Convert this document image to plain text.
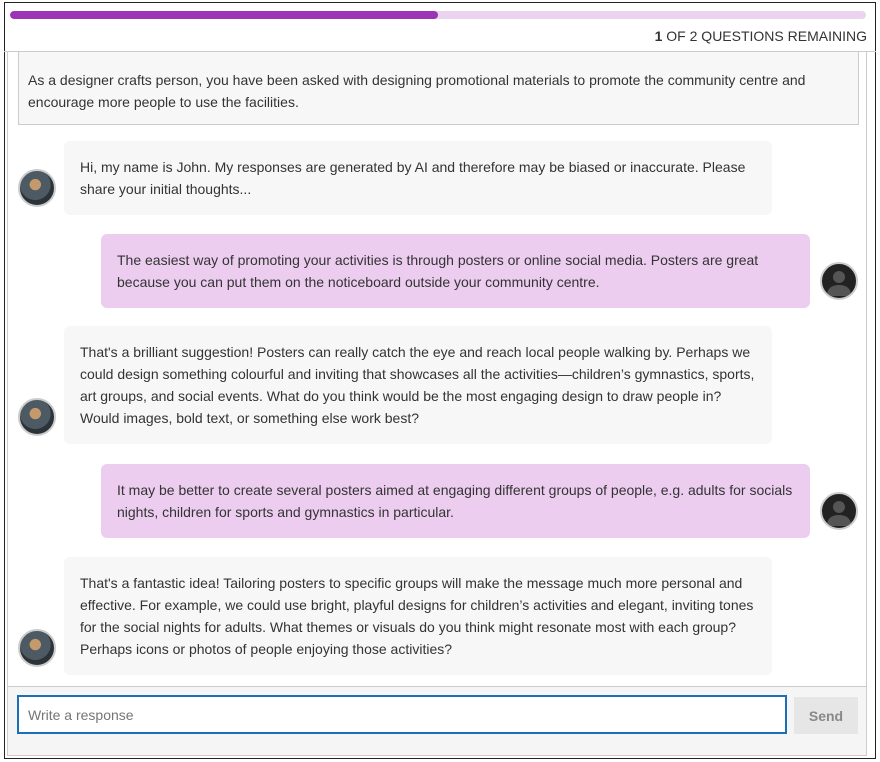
1 OF 2 QUESTIONS REMAINING
As a designer crafts person, you have been asked with designing promotional materials to promote the community centre and encourage more people to use the facilities.
Hi, my name is John. My responses are generated by AI and therefore may be biased or inaccurate. Please share your initial thoughts...
The easiest way of promoting your activities is through posters or online social media. Posters are great because you can put them on the noticeboard outside your community centre.
That's a brilliant suggestion! Posters can really catch the eye and reach local people walking by. Perhaps we could design something colourful and inviting that showcases all the activities—children’s gymnastics, sports, art groups, and social events. What do you think would be the most engaging design to draw people in? Would images, bold text, or something else work best?
It may be better to create several posters aimed at engaging different groups of people, e.g. adults for socials nights, children for sports and gymnastics in particular.
That's a fantastic idea! Tailoring posters to specific groups will make the message much more personal and effective. For example, we could use bright, playful designs for children’s activities and elegant, inviting tones for the social nights for adults. What themes or visuals do you think might resonate most with each group? Perhaps icons or photos of people enjoying those activities?
Write a response
Send
